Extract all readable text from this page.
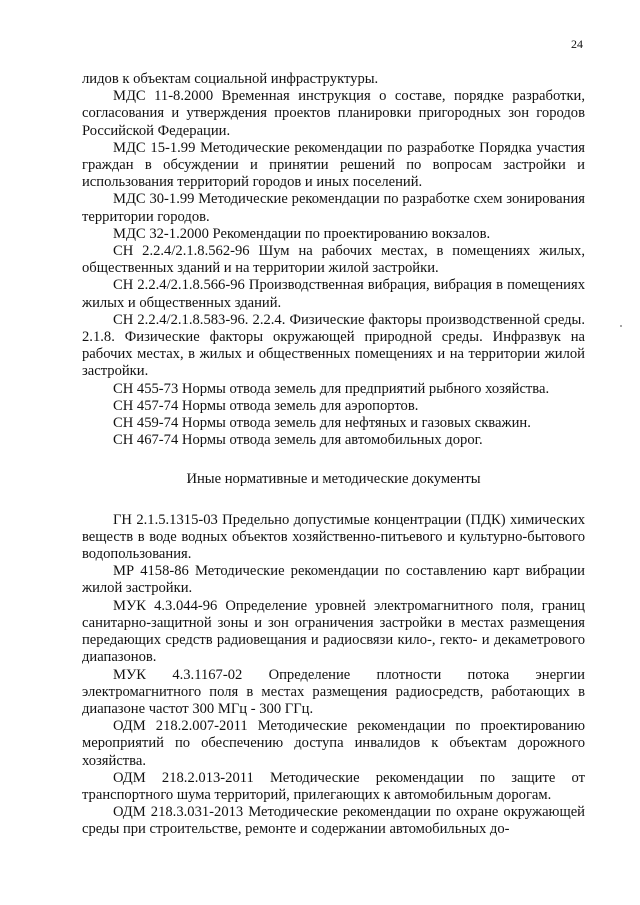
24

лидов к объектам социальной инфраструктуры.

МДС 11-8.2000 Временная инструкция о составе, порядке разработки, согласования и утверждения проектов планировки пригородных зон городов Российской Федерации.

МДС 15-1.99 Методические рекомендации по разработке Порядка участия граждан в обсуждении и принятии решений по вопросам застройки и использования территорий городов и иных поселений.

МДС 30-1.99 Методические рекомендации по разработке схем зонирования территории городов.

МДС 32-1.2000 Рекомендации по проектированию вокзалов.

СН 2.2.4/2.1.8.562-96 Шум на рабочих местах, в помещениях жилых, общественных зданий и на территории жилой застройки.

СН 2.2.4/2.1.8.566-96 Производственная вибрация, вибрация в помещениях жилых и общественных зданий.

СН 2.2.4/2.1.8.583-96. 2.2.4. Физические факторы производственной среды. 2.1.8. Физические факторы окружающей природной среды. Инфразвук на рабочих местах, в жилых и общественных помещениях и на территории жилой застройки.

СН 455-73 Нормы отвода земель для предприятий рыбного хозяйства.

СН 457-74 Нормы отвода земель для аэропортов.

СН 459-74 Нормы отвода земель для нефтяных и газовых скважин.

СН 467-74 Нормы отвода земель для автомобильных дорог.

Иные нормативные и методические документы

ГН 2.1.5.1315-03 Предельно допустимые концентрации (ПДК) химических веществ в воде водных объектов хозяйственно-питьевого и культурно-бытового водопользования.

МР 4158-86 Методические рекомендации по составлению карт вибрации жилой застройки.

МУК 4.3.044-96 Определение уровней электромагнитного поля, границ санитарно-защитной зоны и зон ограничения застройки в местах размещения передающих средств радиовещания и радиосвязи кило-, гекто- и декаметрового диапазонов.

МУК 4.3.1167-02 Определение плотности потока энергии электромагнитного поля в местах размещения радиосредств, работающих в диапазоне частот 300 МГц - 300 ГГц.

ОДМ 218.2.007-2011 Методические рекомендации по проектированию мероприятий по обеспечению доступа инвалидов к объектам дорожного хозяйства.

ОДМ 218.2.013-2011 Методические рекомендации по защите от транспортного шума территорий, прилегающих к автомобильным дорогам.

ОДМ 218.3.031-2013 Методические рекомендации по охране окружающей среды при строительстве, ремонте и содержании автомобильных до-
